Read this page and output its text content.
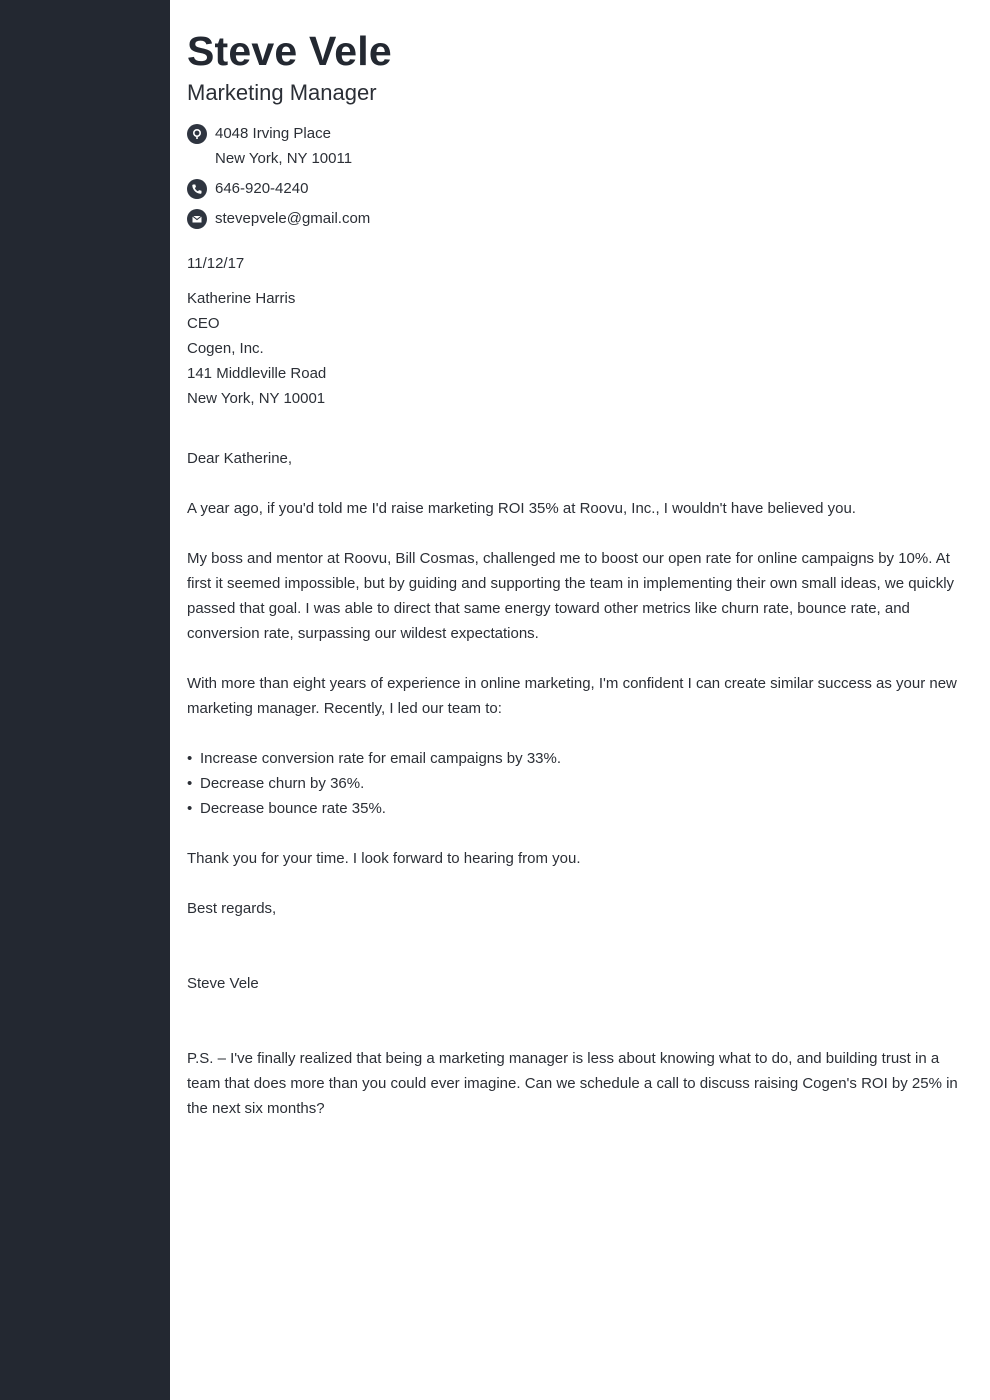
Steve Vele
Marketing Manager
4048 Irving Place
New York, NY 10011
646-920-4240
stevepvele@gmail.com
11/12/17
Katherine Harris
CEO
Cogen, Inc.
141 Middleville Road
New York, NY 10001
Dear Katherine,
A year ago, if you'd told me I'd raise marketing ROI 35% at Roovu, Inc., I wouldn't have believed you.
My boss and mentor at Roovu, Bill Cosmas, challenged me to boost our open rate for online campaigns by 10%. At first it seemed impossible, but by guiding and supporting the team in implementing their own small ideas, we quickly passed that goal. I was able to direct that same energy toward other metrics like churn rate, bounce rate, and conversion rate, surpassing our wildest expectations.
With more than eight years of experience in online marketing, I'm confident I can create similar success as your new marketing manager. Recently, I led our team to:
• Increase conversion rate for email campaigns by 33%.
• Decrease churn by 36%.
• Decrease bounce rate 35%.
Thank you for your time. I look forward to hearing from you.
Best regards,
Steve Vele
P.S. – I've finally realized that being a marketing manager is less about knowing what to do, and building trust in a team that does more than you could ever imagine. Can we schedule a call to discuss raising Cogen's ROI by 25% in the next six months?
